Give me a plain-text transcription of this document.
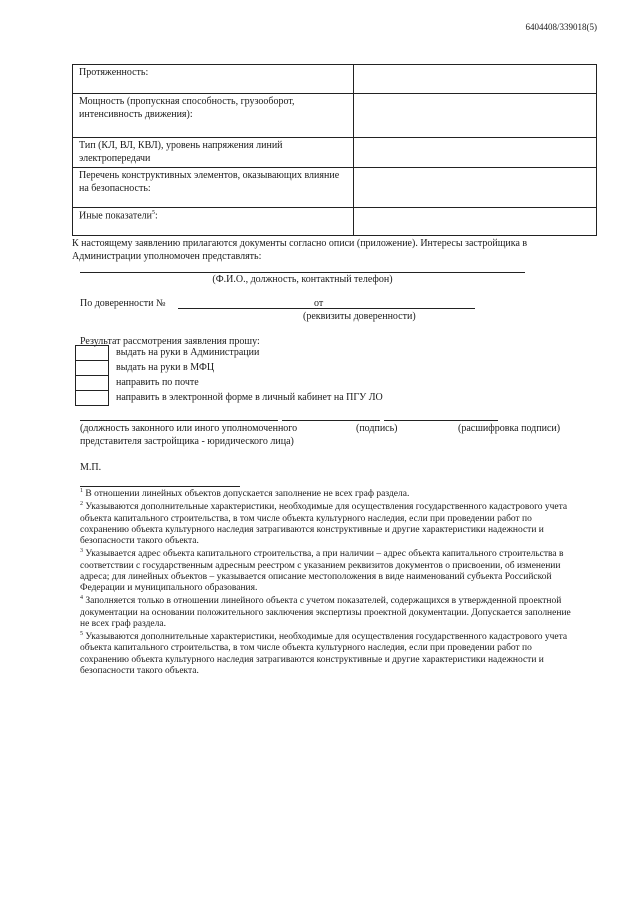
6404408/339018(5)
Протяженность:	
Мощность (пропускная способность, грузооборот, интенсивность движения):	
Тип (КЛ, ВЛ, КВЛ), уровень напряжения линий электропередачи	
Перечень конструктивных элементов, оказывающих влияние на безопасность:	
Иные показатели$^5$:	
К настоящему заявлению прилагаются документы согласно описи (приложение). Интересы застройщика в Администрации уполномочен представлять:
(Ф.И.О., должность, контактный телефон)
По доверенности №	от
(реквизиты доверенности)
Результат рассмотрения заявления прошу:
выдать на руки в Администрации
выдать на руки в МФЦ
направить по почте
направить в электронной форме в личный кабинет на ПГУ ЛО
(должность законного или иного уполномоченного представителя застройщика - юридического лица)
(подпись)	(расшифровка подписи)
М.П.

$^1$ В отношении линейных объектов допускается заполнение не всех граф раздела.

$^2$ Указываются дополнительные характеристики, необходимые для осуществления государственного кадастрового учета объекта капитального строительства, в том числе объекта культурного наследия, если при проведении работ по сохранению объекта культурного наследия затрагиваются конструктивные и другие характеристики надежности и безопасности такого объекта.

$^3$ Указывается адрес объекта капитального строительства, а при наличии – адрес объекта капитального строительства в соответствии с государственным адресным реестром с указанием реквизитов документов о присвоении, об изменении адреса; для линейных объектов – указывается описание местоположения в виде наименований субъекта Российской Федерации и муниципального образования.

$^4$ Заполняется только в отношении линейного объекта с учетом показателей, содержащихся в утвержденной проектной документации на основании положительного заключения экспертизы проектной документации. Допускается заполнение не всех граф раздела.

$^5$ Указываются дополнительные характеристики, необходимые для осуществления государственного кадастрового учета объекта капитального строительства, в том числе объекта культурного наследия, если при проведении работ по сохранению объекта культурного наследия затрагиваются конструктивные и другие характеристики надежности и безопасности такого объекта.
